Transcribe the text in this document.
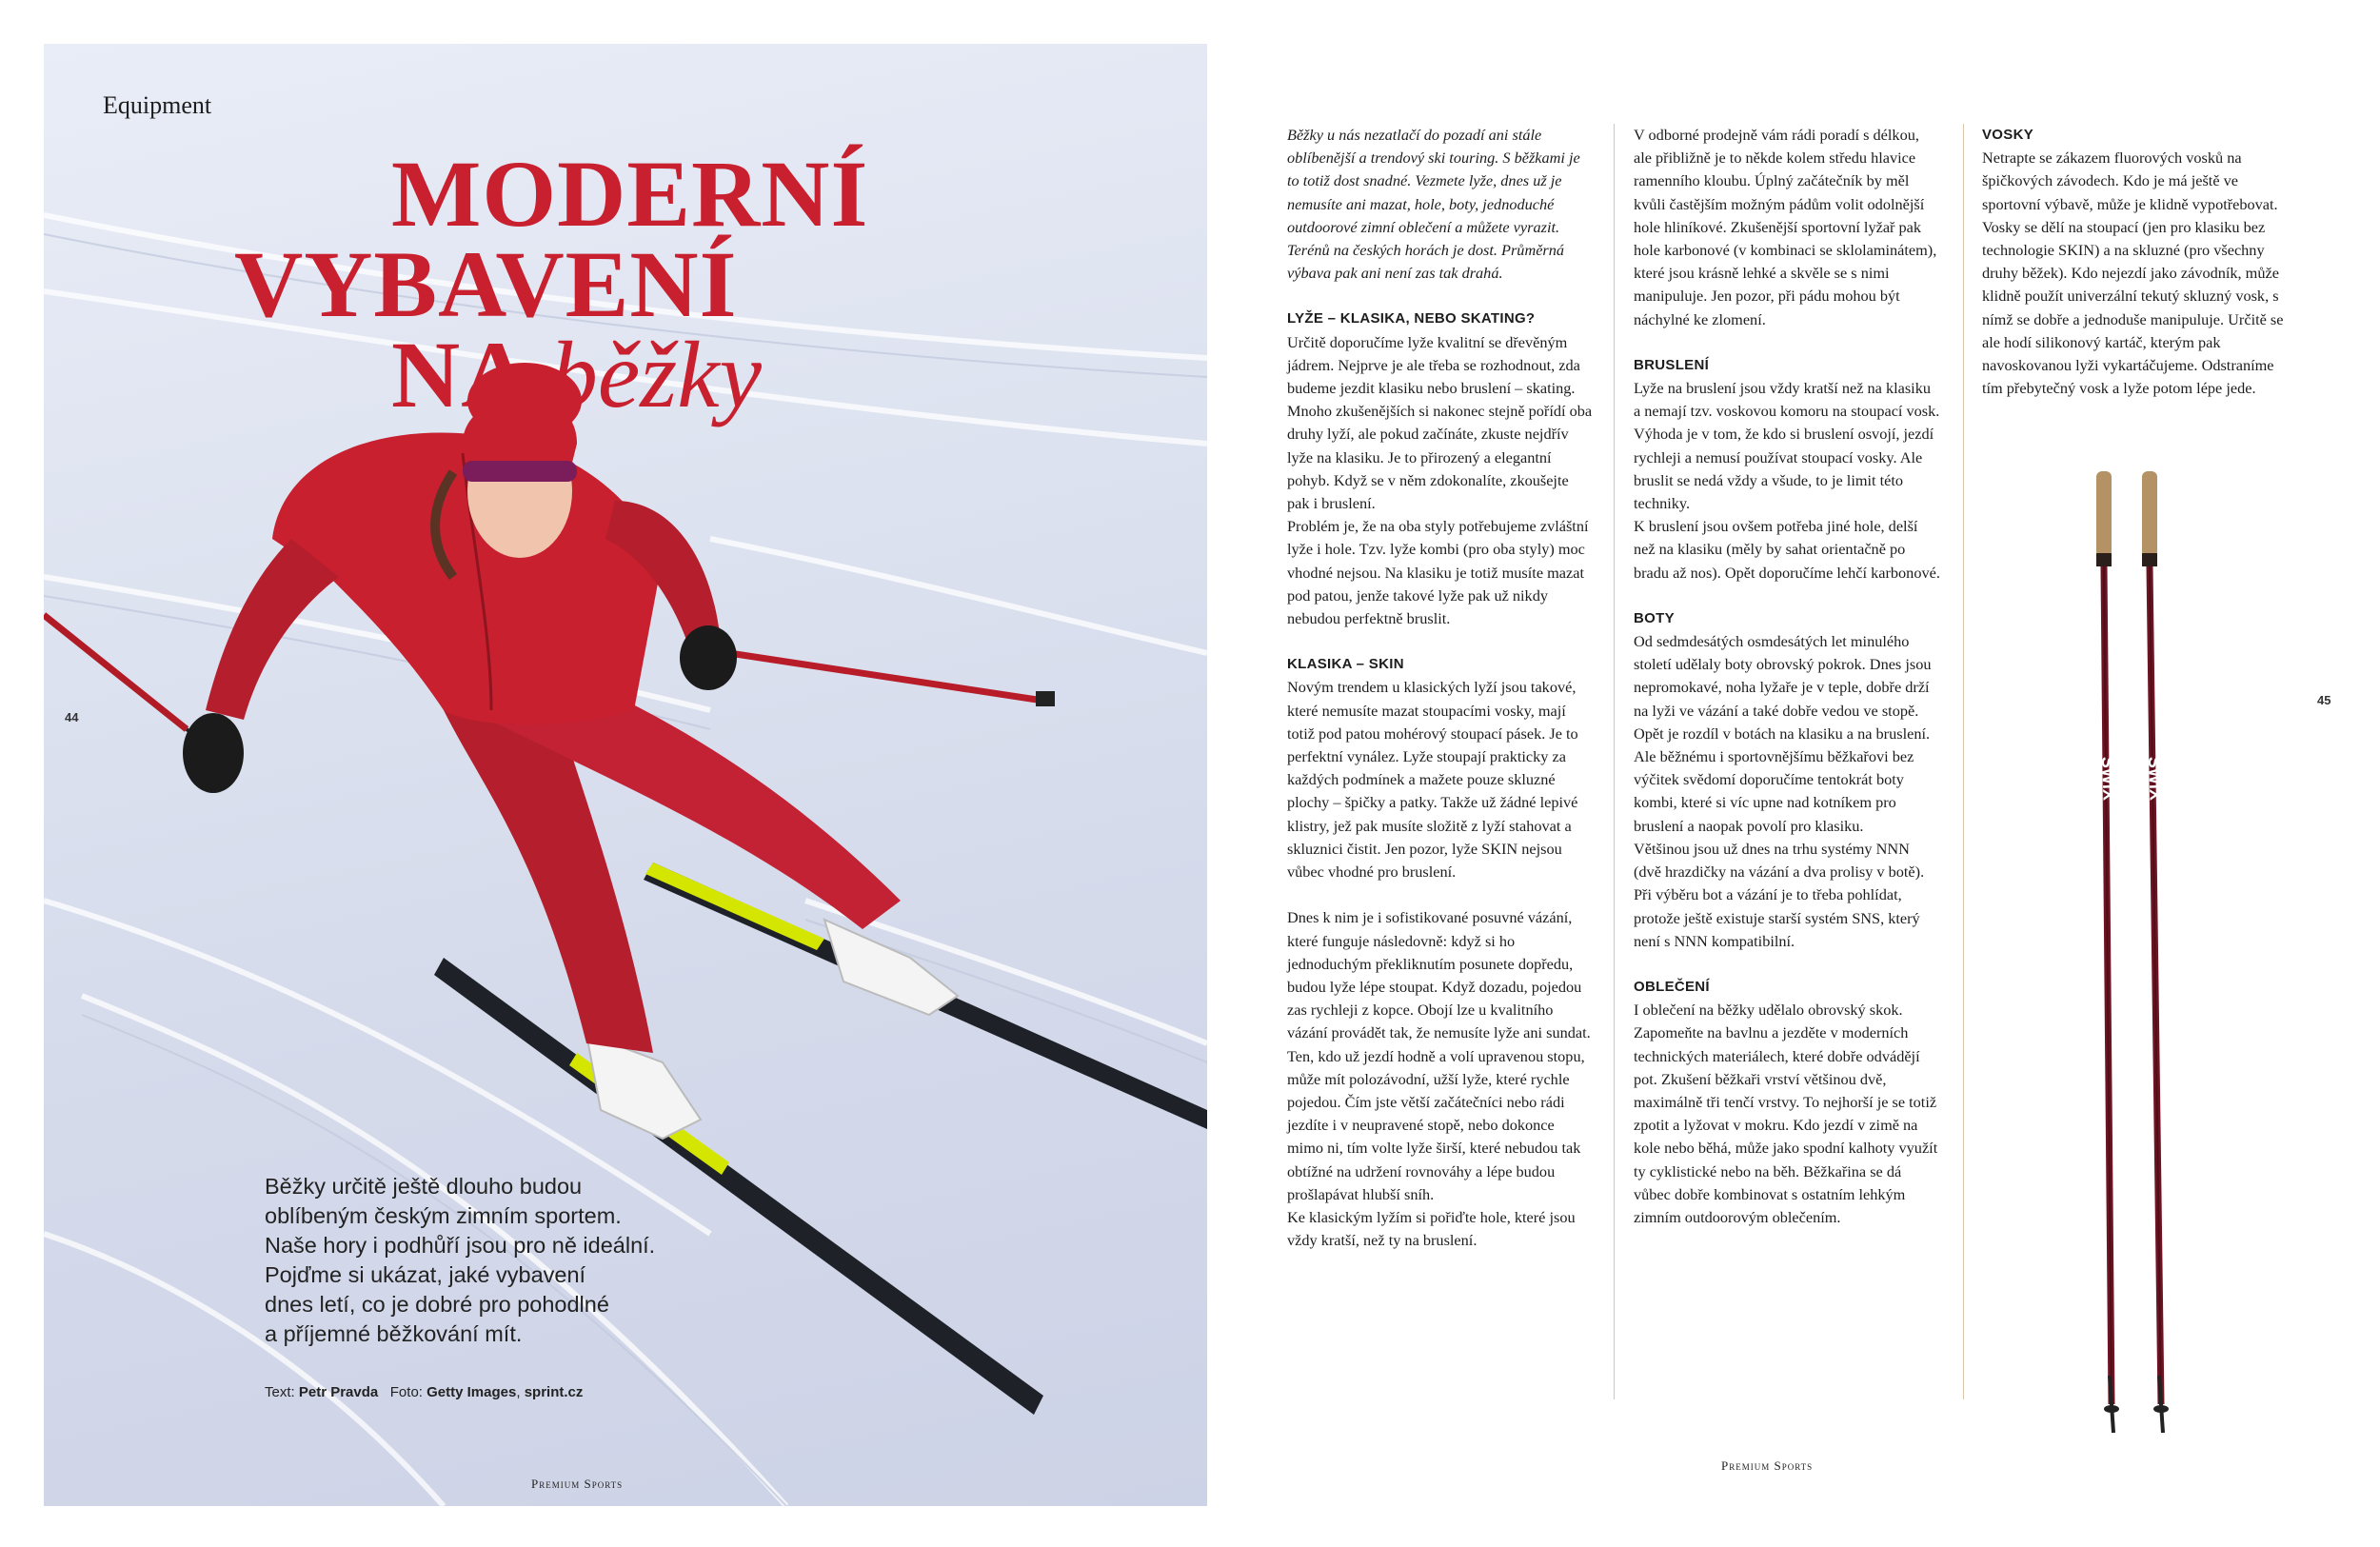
Equipment
MODERNÍ
VYBAVENÍ
NA běžky
44
Běžky určitě ještě dlouho budou
oblíbeným českým zimním sportem.
Naše hory i podhůří jsou pro ně ideální.
Pojďme si ukázat, jaké vybavení
dnes letí, co je dobré pro pohodlné
a příjemné běžkování mít.
Text: Petr Pravda Foto: Getty Images, sprint.cz
Premium Sports

Běžky u nás nezatlačí do pozadí ani stále oblíbenější a trendový ski touring. S běžkami je to totiž dost snadné. Vezmete lyže, dnes už je nemusíte ani mazat, hole, boty, jednoduché outdoorové zimní oblečení a můžete vyrazit. Terénů na českých horách je dost. Průměrná výbava pak ani není zas tak drahá.

LYŽE – KLASIKA, NEBO SKATING?

Určitě doporučíme lyže kvalitní se dřevěným jádrem. Nejprve je ale třeba se rozhodnout, zda budeme jezdit klasiku nebo bruslení – skating. Mnoho zkušenějších si nakonec stejně pořídí oba druhy lyží, ale pokud začínáte, zkuste nejdřív lyže na klasiku. Je to přirozený a elegantní pohyb. Když se v něm zdokonalíte, zkoušejte pak i bruslení.

Problém je, že na oba styly potřebujeme zvláštní lyže i hole. Tzv. lyže kombi (pro oba styly) moc vhodné nejsou. Na klasiku je totiž musíte mazat pod patou, jenže takové lyže pak už nikdy nebudou perfektně bruslit.

KLASIKA – SKIN

Novým trendem u klasických lyží jsou takové, které nemusíte mazat stoupacími vosky, mají totiž pod patou mohérový stoupací pásek. Je to perfektní vynález. Lyže stoupají prakticky za každých podmínek a mažete pouze skluzné plochy – špičky a patky. Takže už žádné lepivé klistry, jež pak musíte složitě z lyží stahovat a skluznici čistit. Jen pozor, lyže SKIN nejsou vůbec vhodné pro bruslení.

Dnes k nim je i sofistikované posuvné vázání, které funguje následovně: když si ho jednoduchým překliknutím posunete dopředu, budou lyže lépe stoupat. Když dozadu, pojedou zas rychleji z kopce. Obojí lze u kvalitního vázání provádět tak, že nemusíte lyže ani sundat.

Ten, kdo už jezdí hodně a volí upravenou stopu, může mít polozávodní, užší lyže, které rychle pojedou. Čím jste větší začátečníci nebo rádi jezdíte i v neupravené stopě, nebo dokonce mimo ni, tím volte lyže širší, které nebudou tak obtížné na udržení rovnováhy a lépe budou prošlapávat hlubší sníh.

Ke klasickým lyžím si pořiďte hole, které jsou vždy kratší, než ty na bruslení.

V odborné prodejně vám rádi poradí s délkou, ale přibližně je to někde kolem středu hlavice ramenního kloubu. Úplný začátečník by měl kvůli častějším možným pádům volit odolnější hole hliníkové. Zkušenější sportovní lyžař pak hole karbonové (v kombinaci se sklolaminátem), které jsou krásně lehké a skvěle se s nimi manipuluje. Jen pozor, při pádu mohou být náchylné ke zlomení.

BRUSLENÍ

Lyže na bruslení jsou vždy kratší než na klasiku a nemají tzv. voskovou komoru na stoupací vosk. Výhoda je v tom, že kdo si bruslení osvojí, jezdí rychleji a nemusí používat stoupací vosky. Ale bruslit se nedá vždy a všude, to je limit této techniky.

K bruslení jsou ovšem potřeba jiné hole, delší než na klasiku (měly by sahat orientačně po bradu až nos). Opět doporučíme lehčí karbonové.

BOTY

Od sedmdesátých osmdesátých let minulého století udělaly boty obrovský pokrok. Dnes jsou nepromokavé, noha lyžaře je v teple, dobře drží na lyži ve vázání a také dobře vedou ve stopě.

Opět je rozdíl v botách na klasiku a na bruslení. Ale běžnému i sportovnějšímu běžkařovi bez výčitek svědomí doporučíme tentokrát boty kombi, které si víc upne nad kotníkem pro bruslení a naopak povolí pro klasiku.

Většinou jsou už dnes na trhu systémy NNN (dvě hrazdičky na vázání a dva prolisy v botě). Při výběru bot a vázání je to třeba pohlídat, protože ještě existuje starší systém SNS, který není s NNN kompatibilní.

OBLEČENÍ

I oblečení na běžky udělalo obrovský skok. Zapomeňte na bavlnu a jezděte v moderních technických materiálech, které dobře odvádějí pot. Zkušení běžkaři vrství většinou dvě, maximálně tři tenčí vrstvy. To nejhorší je se totiž zpotit a lyžovat v mokru. Kdo jezdí v zimě na kole nebo běhá, může jako spodní kalhoty využít ty cyklistické nebo na běh. Běžkařina se dá vůbec dobře kombinovat s ostatním lehkým zimním outdoorovým oblečením.

VOSKY

Netrapte se zákazem fluorových vosků na špičkových závodech. Kdo je má ještě ve sportovní výbavě, může je klidně vypotřebovat. Vosky se dělí na stoupací (jen pro klasiku bez technologie SKIN) a na skluzné (pro všechny druhy běžek). Kdo nejezdí jako závodník, může klidně použít univerzální tekutý skluzný vosk, s nímž se dobře a jednoduše manipuluje. Určitě se ale hodí silikonový kartáč, kterým pak navoskovanou lyži vykartáčujeme. Odstraníme tím přebytečný vosk a lyže potom lépe jede.

SWIX SWIX
45
Premium Sports
